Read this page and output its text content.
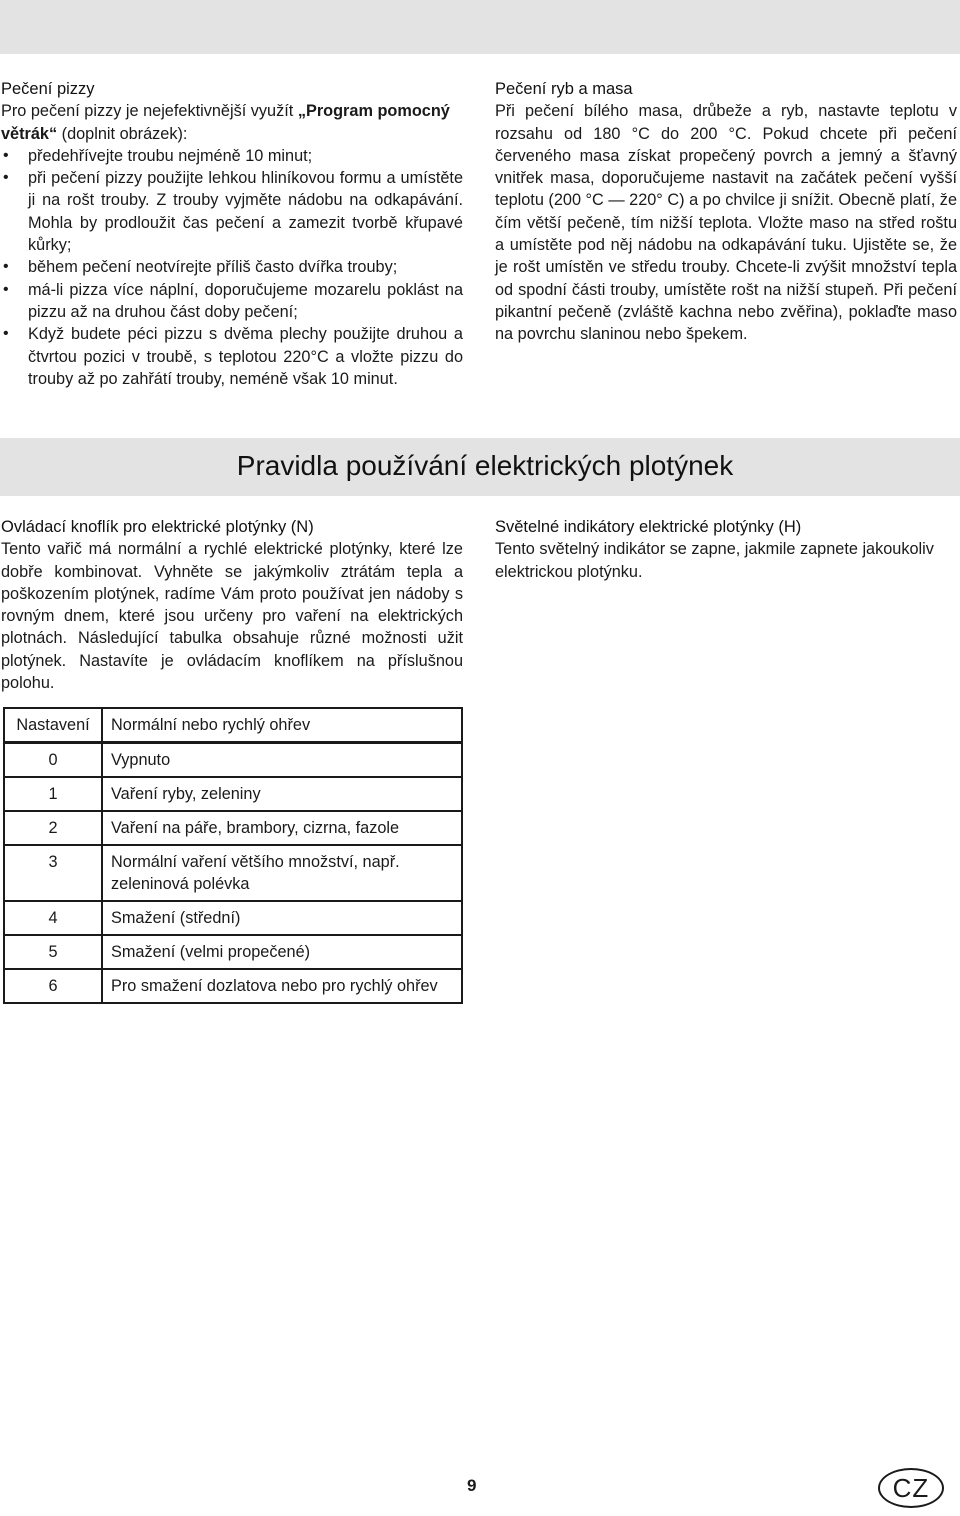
Pečení pizzy

Pro pečení pizzy je nejefektivnější využít „Program pomocný větrák“ (doplnit obrázek):

• předehřívejte troubu nejméně 10 minut;
• při pečení pizzy použijte lehkou hliníkovou formu a umístěte ji na rošt trouby. Z trouby vyjměte nádobu na odkapávání. Mohla by prodloužit čas pečení a zamezit tvorbě křupavé kůrky;
• během pečení neotvírejte příliš často dvířka trouby;
• má-li pizza více náplní, doporučujeme mozarelu poklást na pizzu až na druhou část doby pečení;
• Když budete péci pizzu s dvěma plechy použijte druhou a čtvrtou pozici v troubě, s teplotou 220°C a vložte pizzu do trouby až po zahřátí trouby, neméně však 10 minut.
Pečení ryb a masa

Při pečení bílého masa, drůbeže a ryb, nastavte teplotu v rozsahu od 180 °C do 200 °C. Pokud chcete při pečení červeného masa získat propečený povrch a jemný a šťavný vnitřek masa, doporučujeme nastavit na začátek pečení vyšší teplotu (200 °C — 220° C) a po chvilce ji snížit. Obecně platí, že čím větší pečeně, tím nižší teplota. Vložte maso na střed roštu a umístěte pod něj nádobu na odkapávání tuku. Ujistěte se, že je rošt umístěn ve středu trouby. Chcete-li zvýšit množství tepla od spodní části trouby, umístěte rošt na nižší stupeň. Při pečení pikantní pečeně (zvláště kachna nebo zvěřina), poklaďte maso na povrchu slaninou nebo špekem.

Pravidla používání elektrických plotýnek
Ovládací knoflík pro elektrické plotýnky (N)

Tento vařič má normální a rychlé elektrické plotýnky, které lze dobře kombinovat. Vyhněte se jakýmkoliv ztrátám tepla a poškozením plotýnek, radíme Vám proto používat jen nádoby s rovným dnem, které jsou určeny pro vaření na elektrických plotnách. Následující tabulka obsahuje různé možnosti užit plotýnek. Nastavíte je ovládacím knoflíkem na příslušnou polohu.

Světelné indikátory elektrické plotýnky (H)

Tento světelný indikátor se zapne, jakmile zapnete jakoukoliv elektrickou plotýnku.

Nastavení	Normální nebo rychlý ohřev
0	Vypnuto
1	Vaření ryby, zeleniny
2	Vaření na páře, brambory, cizrna, fazole
3	Normální vaření většího množství, např. zeleninová polévka
4	Smažení (střední)
5	Smažení (velmi propečené)
6	Pro smažení dozlatova nebo pro rychlý ohřev
9	CZ
